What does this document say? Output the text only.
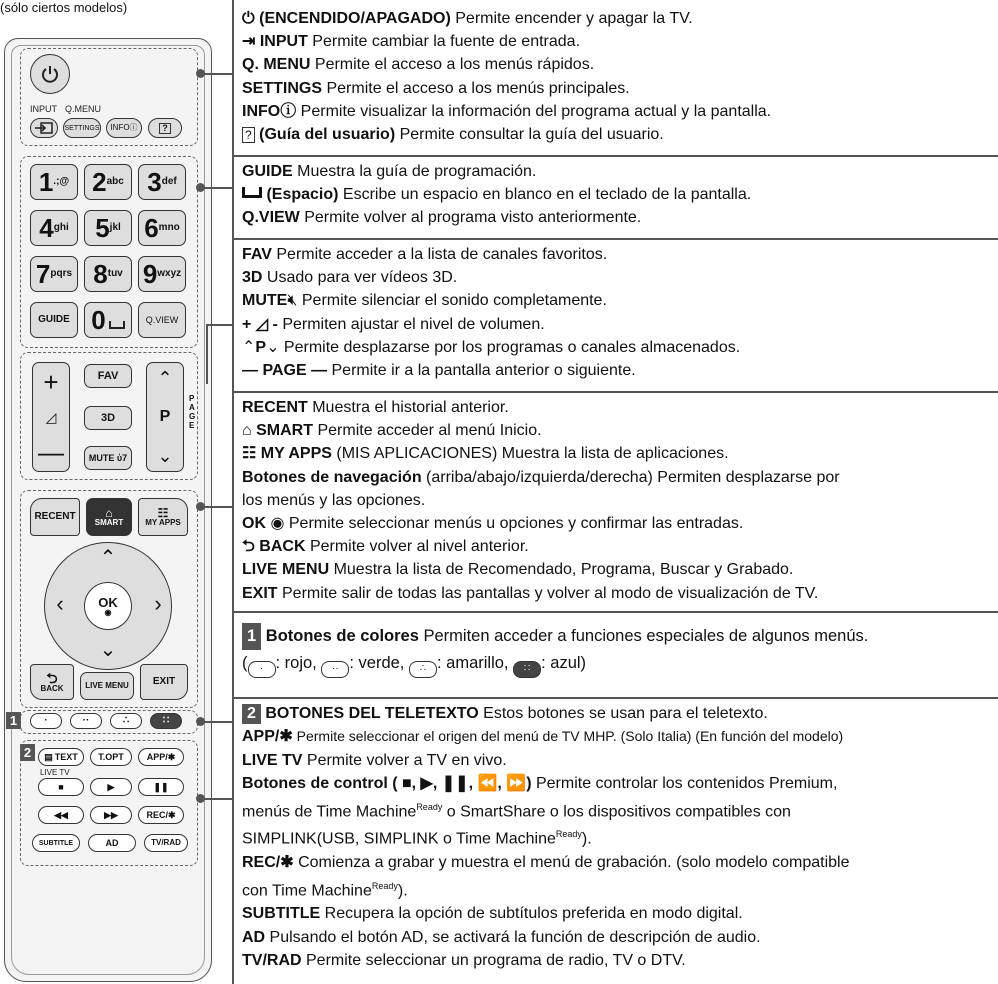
(sólo ciertos modelos)
INPUT Q.MENU
SETTINGS	INFOⓘ	?
1 .;@ 2 abc 3 def
4 ghi 5 jkl 6 mno
7 pqrs 8 tuv 9 wxyz
GUIDE 0	Q.VIEW
+
◿
—
FAV
3D
MUTE ὐ7
⌃
P
⌄
P
A
G
E
RECENT	⌂
SMART
☷
MY APPS
⌃
⌄
‹	›
OK
◉
⮌
BACK	LIVE MENU	EXIT
1	·	··	∴	∷
2	▤ TEXT	T.OPT	APP/✱
LIVE TV
■	▶	❚❚
◀◀	▶▶	REC/✱
SUBTITLE	AD	TV/RAD
⏻ (ENCENDIDO/APAGADO) Permite encender y apagar la TV.
⇥ INPUT Permite cambiar la fuente de entrada.
Q. MENU Permite el acceso a los menús rápidos.
SETTINGS Permite el acceso a los menús principales.
INFOⓘ Permite visualizar la información del programa actual y la pantalla.
? (Guía del usuario) Permite consultar la guía del usuario.
GUIDE Muestra la guía de programación.
(Espacio) Escribe un espacio en blanco en el teclado de la pantalla.
Q.VIEW Permite volver al programa visto anteriormente.
FAV Permite acceder a la lista de canales favoritos.
3D Usado para ver vídeos 3D.
MUTE🔇︎ Permite silenciar el sonido completamente.
+ ◿ - Permiten ajustar el nivel de volumen.
⌃P⌄ Permite desplazarse por los programas o canales almacenados.
― PAGE ― Permite ir a la pantalla anterior o siguiente.
RECENT Muestra el historial anterior.
⌂ SMART Permite acceder al menú Inicio.
☷ MY APPS (MIS APLICACIONES) Muestra la lista de aplicaciones.
Botones de navegación (arriba/abajo/izquierda/derecha) Permiten desplazarse por
los menús y las opciones.
OK ◉ Permite seleccionar menús u opciones y confirmar las entradas.
⮌ BACK Permite volver al nivel anterior.
LIVE MENU Muestra la lista de Recomendado, Programa, Buscar y Grabado.
EXIT Permite salir de todas las pantallas y volver al modo de visualización de TV.
1 Botones de colores Permiten acceder a funciones especiales de algunos menús.
( · : rojo, ·· : verde, ∴ : amarillo, ∷ : azul)
2 BOTONES DEL TELETEXTO Estos botones se usan para el teletexto.
APP/✱ Permite seleccionar el origen del menú de TV MHP. (Solo Italia) (En función del modelo)
LIVE TV Permite volver a TV en vivo.
Botones de control ( ■, ▶, ❚❚, ⏪, ⏩) Permite controlar los contenidos Premium,
menús de Time Machine$^{Ready}$ o SmartShare o los dispositivos compatibles con
SIMPLINK(USB, SIMPLINK o Time Machine$^{Ready}$).
REC/✱ Comienza a grabar y muestra el menú de grabación. (solo modelo compatible
con Time Machine$^{Ready}$).
SUBTITLE Recupera la opción de subtítulos preferida en modo digital.
AD Pulsando el botón AD, se activará la función de descripción de audio.
TV/RAD Permite seleccionar un programa de radio, TV o DTV.
